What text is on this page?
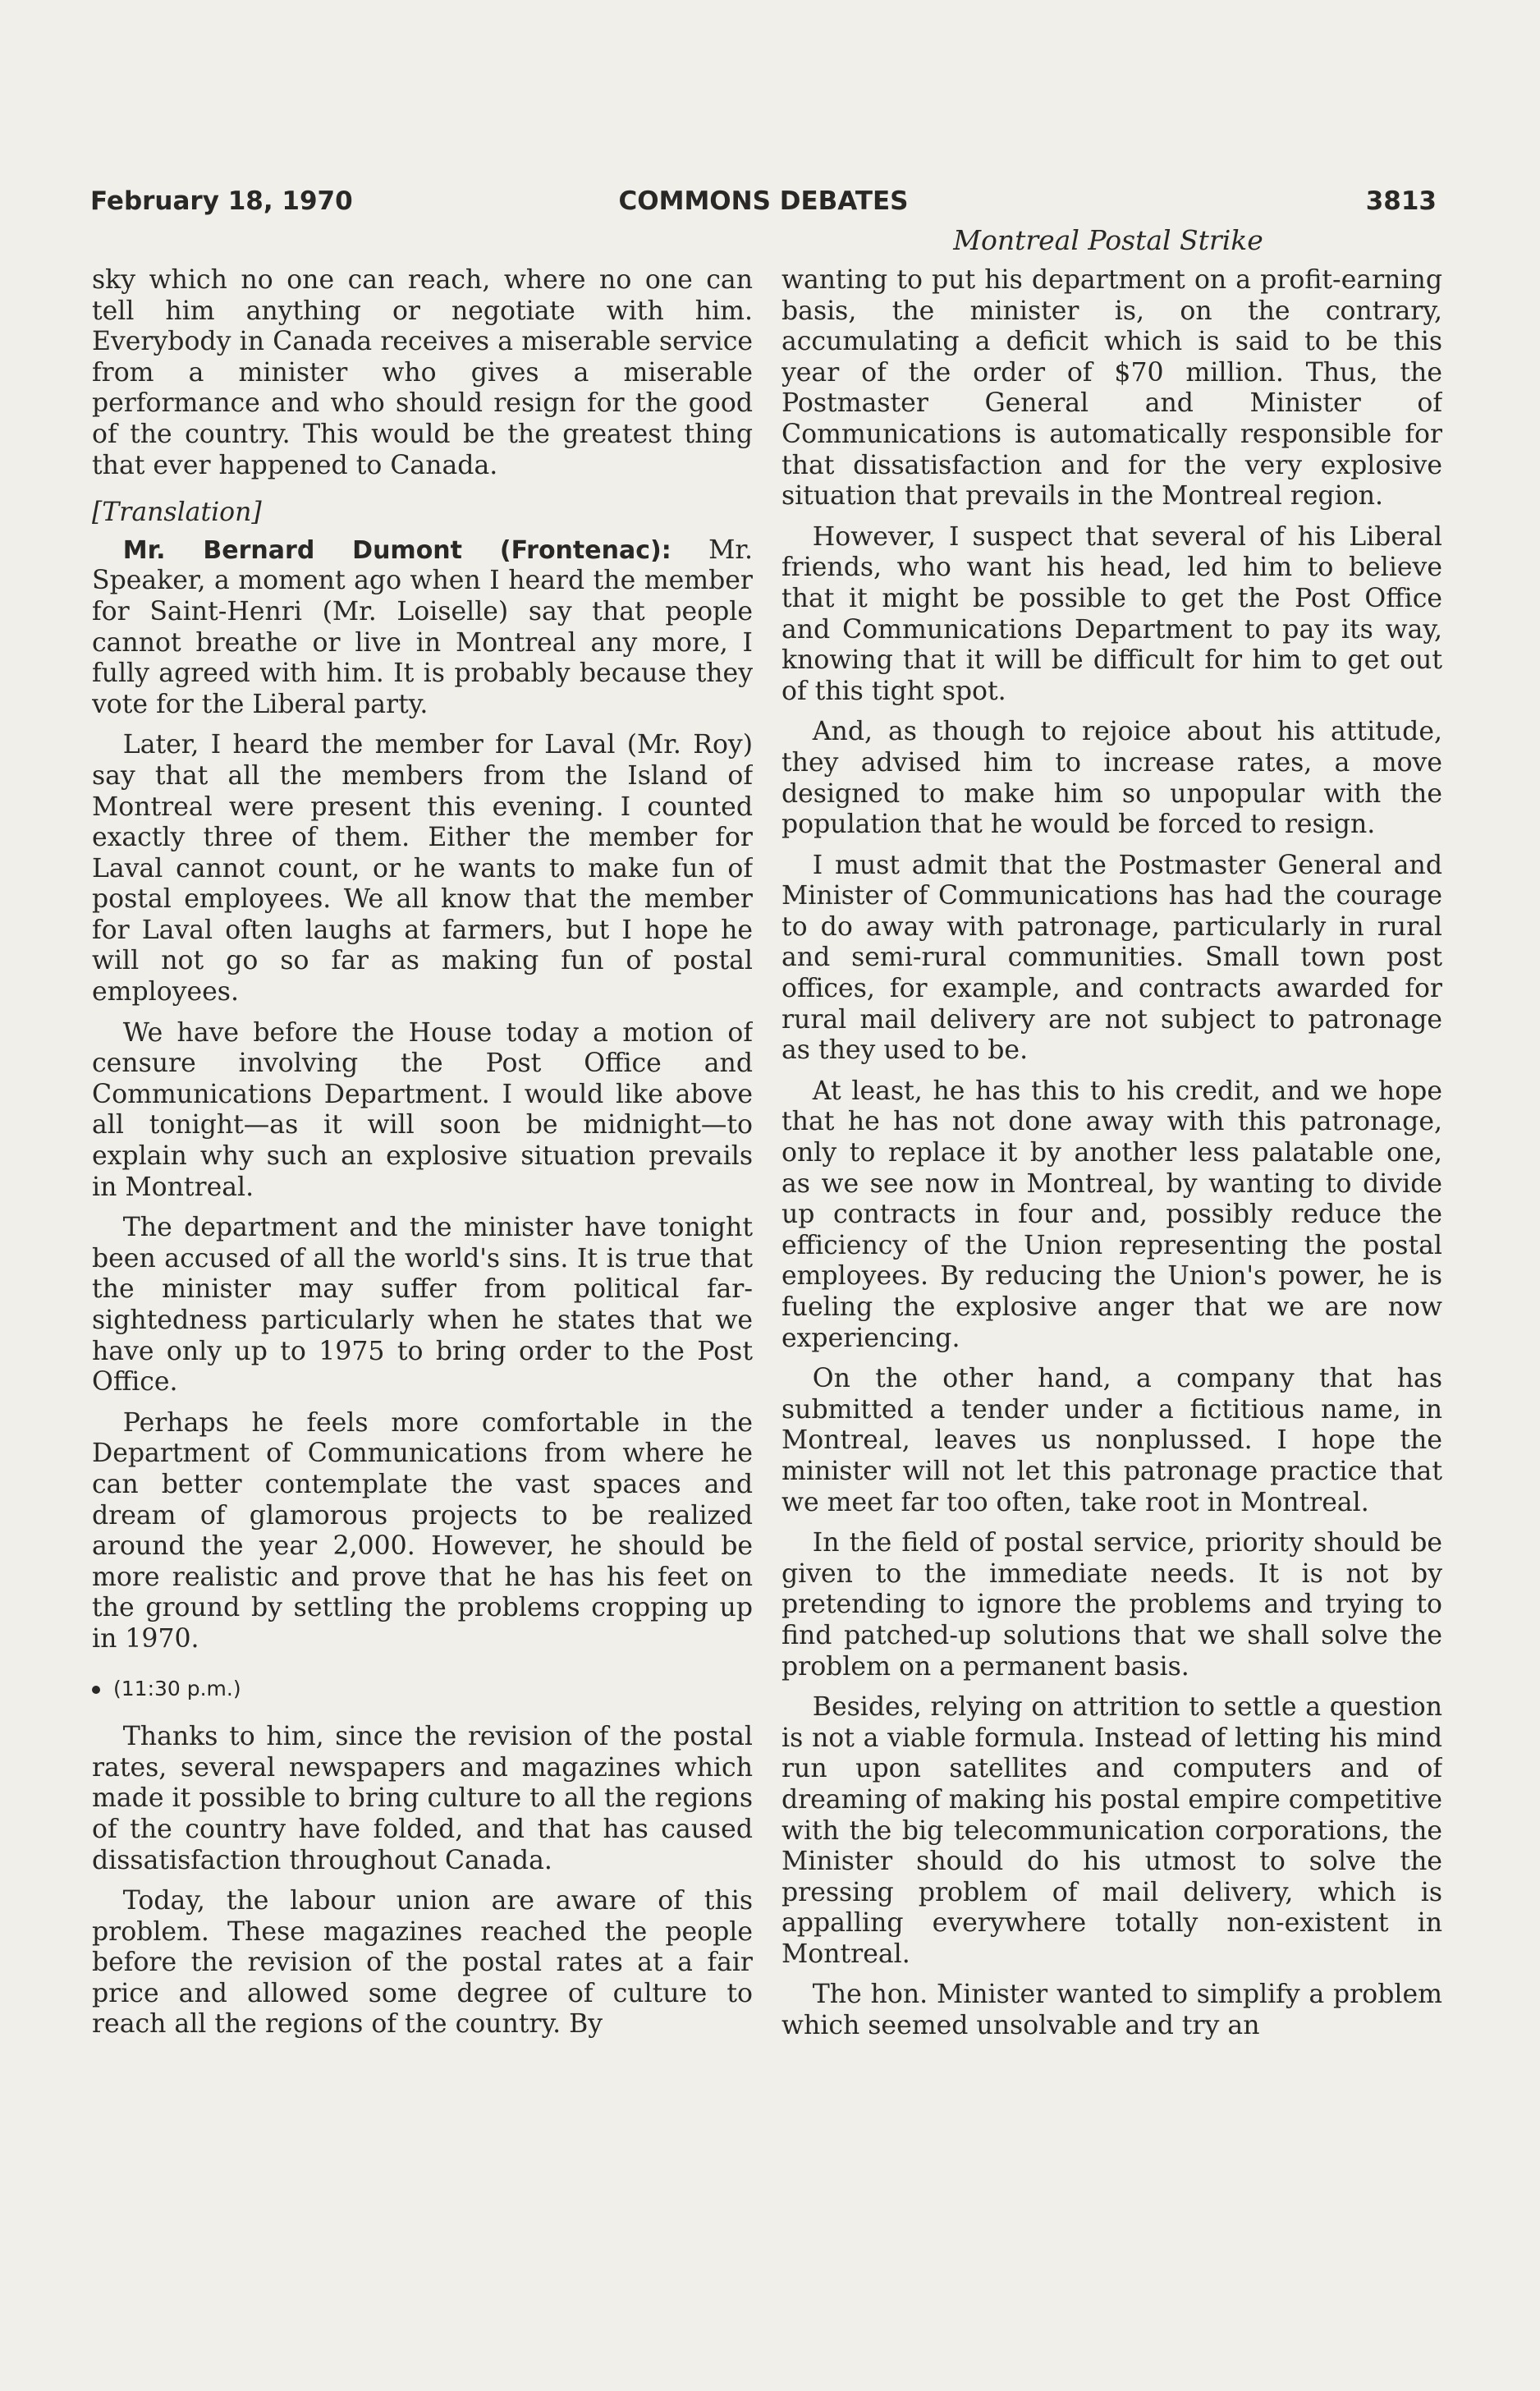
February 18, 1970	COMMONS DEBATES	3813
Montreal Postal Strike

sky which no one can reach, where no one can tell him anything or negotiate with him. Everybody in Canada receives a miserable service from a minister who gives a miserable performance and who should resign for the good of the country. This would be the greatest thing that ever happened to Canada.

[Translation]

Mr. Bernard Dumont (Frontenac): Mr. Speaker, a moment ago when I heard the member for Saint-Henri (Mr. Loiselle) say that people cannot breathe or live in Montreal any more, I fully agreed with him. It is probably because they vote for the Liberal party.

Later, I heard the member for Laval (Mr. Roy) say that all the members from the Island of Montreal were present this evening. I counted exactly three of them. Either the member for Laval cannot count, or he wants to make fun of postal employees. We all know that the member for Laval often laughs at farmers, but I hope he will not go so far as making fun of postal employees.

We have before the House today a motion of censure involving the Post Office and Communications Department. I would like above all tonight—as it will soon be midnight—to explain why such an explosive situation prevails in Montreal.

The department and the minister have tonight been accused of all the world's sins. It is true that the minister may suffer from political far-sightedness particularly when he states that we have only up to 1975 to bring order to the Post Office.

Perhaps he feels more comfortable in the Department of Communications from where he can better contemplate the vast spaces and dream of glamorous projects to be realized around the year 2,000. However, he should be more realistic and prove that he has his feet on the ground by settling the problems cropping up in 1970.

(11:30 p.m.)

Thanks to him, since the revision of the postal rates, several newspapers and magazines which made it possible to bring culture to all the regions of the country have folded, and that has caused dissatisfaction throughout Canada.

Today, the labour union are aware of this problem. These magazines reached the people before the revision of the postal rates at a fair price and allowed some degree of culture to reach all the regions of the country. By

wanting to put his department on a profit-earning basis, the minister is, on the contrary, accumulating a deficit which is said to be this year of the order of $70 million. Thus, the Postmaster General and Minister of Communications is automatically responsible for that dissatisfaction and for the very explosive situation that prevails in the Montreal region.

However, I suspect that several of his Liberal friends, who want his head, led him to believe that it might be possible to get the Post Office and Communications Department to pay its way, knowing that it will be difficult for him to get out of this tight spot.

And, as though to rejoice about his attitude, they advised him to increase rates, a move designed to make him so unpopular with the population that he would be forced to resign.

I must admit that the Postmaster General and Minister of Communications has had the courage to do away with patronage, particularly in rural and semi-rural communities. Small town post offices, for example, and contracts awarded for rural mail delivery are not subject to patronage as they used to be.

At least, he has this to his credit, and we hope that he has not done away with this patronage, only to replace it by another less palatable one, as we see now in Montreal, by wanting to divide up contracts in four and, possibly reduce the efficiency of the Union representing the postal employees. By reducing the Union's power, he is fueling the explosive anger that we are now experiencing.

On the other hand, a company that has submitted a tender under a fictitious name, in Montreal, leaves us nonplussed. I hope the minister will not let this patronage practice that we meet far too often, take root in Montreal.

In the field of postal service, priority should be given to the immediate needs. It is not by pretending to ignore the problems and trying to find patched-up solutions that we shall solve the problem on a permanent basis.

Besides, relying on attrition to settle a question is not a viable formula. Instead of letting his mind run upon satellites and computers and of dreaming of making his postal empire competitive with the big telecommunication corporations, the Minister should do his utmost to solve the pressing problem of mail delivery, which is appalling everywhere totally non-existent in Montreal.

The hon. Minister wanted to simplify a problem which seemed unsolvable and try an
